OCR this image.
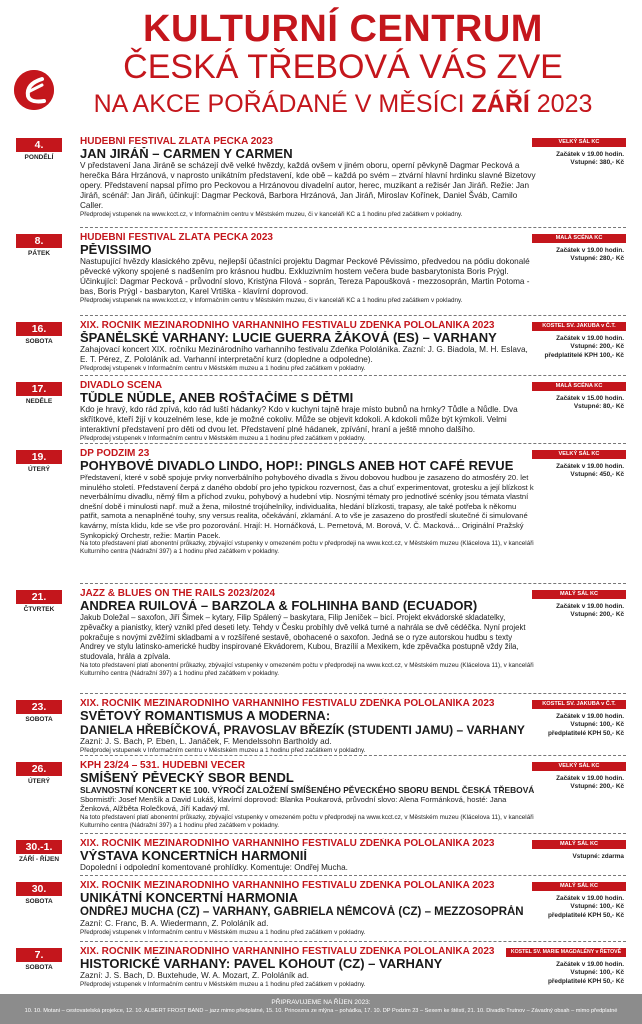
KULTURNÍ CENTRUM
ČESKÁ TŘEBOVÁ VÁS ZVE
NA AKCE POŘÁDANÉ V MĚSÍCI ZÁŘÍ 2023
4.
PONDĚLÍ
HUDEBNÍ FESTIVAL ZLATÁ PECKA 2023
JAN JIRÁŇ – CARMEN Y CARMEN
V představení Jana Jiráně se scházejí dvě velké hvězdy, každá ovšem v jiném oboru, operní pěvkyně Dagmar Pecková a herečka Bára Hrzánová, v naprosto unikátním představení, kde obě – každá po svém – ztvární hlavní hrdinku slavné Bizetovy opery. Představení napsal přímo pro Peckovou a Hrzánovou divadelní autor, herec, muzikant a režisér Jan Jiráň. Režie: Jan Jiráň, scénář: Jan Jiráň, účinkují: Dagmar Pecková, Barbora Hrzánová, Jan Jiráň, Miroslav Kořínek, Daniel Šváb, Camilo Caller.
Předprodej vstupenek na www.kcct.cz, v Informačním centru v Městském muzeu, či v kanceláři KC a 1 hodinu před začátkem v pokladny.
VELKÝ SÁL KC
Začátek v 19.00 hodin.
Vstupné: 380,- Kč
8.
PÁTEK
HUDEBNÍ FESTIVAL ZLATÁ PECKA 2023
PĚVISSIMO
Nastupující hvězdy klasického zpěvu, nejlepší účastníci projektu Dagmar Peckové Pěvissimo, předvedou na pódiu dokonalé pěvecké výkony spojené s nadšením pro krásnou hudbu. Exkluzivním hostem večera bude basbarytonista Boris Prýgl. Účinkující: Dagmar Pecková - průvodní slovo, Kristýna Filová - soprán, Tereza Papoušková - mezzosoprán, Martin Potoma - bas, Boris Prýgl - basbaryton, Karel Vrtiška - klavírní doprovod.
Předprodej vstupenek na www.kcct.cz, v Informačním centru v Městském muzeu, či v kanceláři KC a 1 hodinu před začátkem v pokladny.
MALÁ SCÉNA KC
Začátek v 19.00 hodin.
Vstupné: 280,- Kč
16.
SOBOTA
XIX. ROČNÍK MEZINÁRODNÍHO VARHANNÍHO FESTIVALU ZDEŇKA POLOLÁNÍKA 2023
ŠPANĚLSKÉ VARHANY: LUCIE GUERRA ŽÁKOVÁ (ES) – VARHANY
Zahajovací koncert XIX. ročníku Mezinárodního varhanního festivalu Zdeňka Pololáníka. Zazní: J. G. Biadola, M. H. Eslava, E. T. Pérez, Z. Pololáník ad. Varhanní interpretační kurz (dopledne a odpoledne).
Předprodej vstupenek v Informačním centru v Městském muzeu a 1 hodinu před začátkem v pokladny.
KOSTEL SV. JAKUBA v Č.T.
Začátek v 19.00 hodin.
Vstupné: 200,- Kč
předplatitelé KPH 100,- Kč
17.
NEDĚLE
DIVADLO SCÉNA
TŮDLE NŮDLE, ANEB ROŠŤAČÍME S DĚTMI
Kdo je hravý, kdo rád zpívá, kdo rád luští hádanky? Kdo v kuchyni tajně hraje místo bubnů na hrnky? Tůdle a Nůdle. Dva skřítkové, kteří žijí v kouzelném lese, kde je možné cokoliv. Může se objevit kdokoli. A kdokoli může být kýmkoli. Velmi interaktivní představení pro děti od dvou let. Představení plné hádanek, zpívání, hraní a ještě mnoho dalšího.
Předprodej vstupenek v Informačním centru v Městském muzeu a 1 hodinu před začátkem v pokladny.
MALÁ SCÉNA KC
Začátek v 15.00 hodin.
Vstupné: 80,- Kč
19.
ÚTERÝ
DP PODZIM 23
POHYBOVÉ DIVADLO LINDO, HOP!: PINGLS ANEB HOT CAFÉ REVUE
Představení, které v sobě spojuje prvky nonverbálního pohybového divadla s živou dobovou hudbou je zasazeno do atmosféry 20. let minulého století. Představení čerpá z daného období pro jeho typickou rozvernost, čas a chuť experimentovat, grotesku a její blízkost k neverbálnímu divadlu, němý film a příchod zvuku, pohybový a hudební vtip. Nosnými tématy pro jednotlivé scénky jsou témata vlastní dnešní době i minulosti např. muž a žena, milostné trojúhelníky, individualita, hledání blízkosti, trapasy, ale také potřeba k někomu patřit, samota a nenaplněné touhy, sny versus realita, očekávání, zklamání. A to vše je zasazeno do prostředí skutečné či simulované kavárny, místa klidu, kde se vše pro pozorování. Hrají: H. Hornáčková, L. Pernetová, M. Borová, V. Č. Macková... Originální Pražský Synkopický Orchestr, režie: Martin Pacek.
Na toto představení platí abonentní průkazky, zbývající vstupenky v omezeném počtu v předprodeji na www.kcct.cz, v Městském muzeu (Klácelova 11), v kanceláři Kulturního centra (Nádražní 397) a 1 hodinu před začátkem v pokladny.
VELKÝ SÁL KC
Začátek v 19.00 hodin.
Vstupné: 450,- Kč
21.
ČTVRTEK
JAZZ & BLUES ON THE RAILS 2023/2024
ANDREA RUILOVÁ – BARZOLA & FOLHINHA BAND (ECUADOR)
Jakub Doležal – saxofon, Jiří Šimek – kytary, Filip Spálený – baskytara, Filip Jeníček – bicí. Projekt ekvádorské skladatelky, zpěvačky a pianistky, který vznikl před deseti lety. Tehdy v Česku probíhly dvě velká turné a nahrála se dvě cédéčka. Nyní projekt pokračuje s novými zvěžími skladbami a v rozšířené sestavě, obohacené o saxofon. Jedná se o ryze autorskou hudbu s texty Andrey ve stylu latinsko-americké hudby inspirované Ekvádorem, Kubou, Brazílií a Mexikem, kde zpěvačka postupně vždy žila, studovala, hrála a zpívala.
Na toto představení platí abonentní průkazky, zbývající vstupenky v omezeném počtu v předprodeji na www.kcct.cz, v Městském muzeu (Klácelova 11), v kanceláři Kulturního centra (Nádražní 397) a 1 hodinu před začátkem v pokladny.
MALÝ SÁL KC
Začátek v 19.00 hodin.
Vstupné: 200,- Kč
23.
SOBOTA
XIX. ROČNÍK MEZINÁRODNÍHO VARHANNÍHO FESTIVALU ZDEŇKA POLOLÁNÍKA 2023
SVĚTOVÝ ROMANTISMUS A MODERNA:
DANIELA HŘEBÍČKOVÁ, PRAVOSLAV BŘEZÍK (STUDENTI JAMU) – VARHANY
Zazní: J. S. Bach, P. Eben, L. Janáček, F. Mendelssohn Bartholdy ad.
Předprodej vstupenek v Informačním centru v Městském muzeu a 1 hodinu před začátkem v pokladny.
KOSTEL SV. JAKUBA v Č.T.
Začátek v 19.00 hodin.
Vstupné: 100,- Kč
předplatitelé KPH 50,- Kč
26.
ÚTERÝ
KPH 23/24 – 531. HUDEBNÍ VEČER
SMÍŠENÝ PĚVECKÝ SBOR BENDL
SLAVNOSTNÍ KONCERT KE 100. VÝROČÍ ZALOŽENÍ SMÍŠENÉHO PĚVECKÉHO SBORU BENDL ČESKÁ TŘEBOVÁ
Sbormistři: Josef Menšík a David Lukáš, klavírní doprovod: Blanka Poukarová, průvodní slovo: Alena Formánková, hosté: Jana Ženková, Alžběta Rolečková, Jiří Kadavý ml.
Na toto představení platí abonentní průkazky, zbývající vstupenky v omezeném počtu v předprodeji na www.kcct.cz, v Městském muzeu (Klácelova 11), v kanceláři Kulturního centra (Nádražní 397) a 1 hodinu před začátkem v pokladny.
VELKÝ SÁL KC
Začátek v 19.00 hodin.
Vstupné: 200,- Kč
30.-1.
ZÁŘÍ - ŘÍJEN
XIX. ROČNÍK MEZINÁRODNÍHO VARHANNÍHO FESTIVALU ZDEŇKA POLOLÁNÍKA 2023
VÝSTAVA KONCERTNÍCH HARMONIÍ
Dopolední i odpolední komentované prohlídky. Komentuje: Ondřej Mucha.
MALÝ SÁL KC
Vstupné: zdarma
30.
SOBOTA
XIX. ROČNÍK MEZINÁRODNÍHO VARHANNÍHO FESTIVALU ZDEŇKA POLOLÁNÍKA 2023
UNIKÁTNÍ KONCERTNÍ HARMONIA
ONDŘEJ MUCHA (CZ) – VARHANY, GABRIELA NĚMCOVÁ (CZ) – MEZZOSOPRÁN
Zazní: C. Franc, B. A. Wiedermann, Z. Pololáník ad.
Předprodej vstupenek v Informačním centru v Městském muzeu a 1 hodinu před začátkem v pokladny.
MALÝ SÁL KC
Začátek v 19.00 hodin.
Vstupné: 100,- Kč
předplatitelé KPH 50,- Kč
7.
SOBOTA
XIX. ROČNÍK MEZINÁRODNÍHO VARHANNÍHO FESTIVALU ZDEŇKA POLOLÁNÍKA 2023
HISTORICKÉ VARHANY: PAVEL KOHOUT (CZ) – VARHANY
Zazní: J. S. Bach, D. Buxtehude, W. A. Mozart, Z. Pololáník ad.
Předprodej vstupenek v Informačním centru v Městském muzeu a 1 hodinu před začátkem v pokladny.
KOSTEL SV. MARIE MAGDALÉNY v ŘETOVĚ
Začátek v 19.00 hodin.
Vstupné: 100,- Kč
předplatitelé KPH 50,- Kč
PŘIPRAVUJEME NA ŘÍJEN 2023:
10. 10. Motani – cestovatelská projekce, 12. 10. ALBERT FROST BAND – jazz mimo předplatné, 15. 10. Princezna ze mlýna – pohádka, 17. 10. DP Podzim 23 – Sexem ke štěstí, 21. 10. Divadlo Trutnov – Závadný obsah – mimo předplatné
